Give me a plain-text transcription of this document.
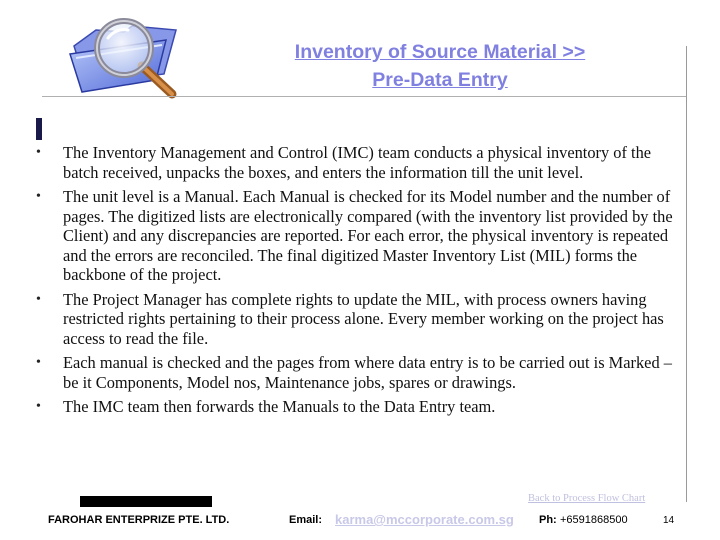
Inventory of Source Material >>
Pre-Data Entry
• The Inventory Management and Control (IMC) team conducts a physical inventory of the batch received, unpacks the boxes, and enters the information till the unit level.
• The unit level is a Manual. Each Manual is checked for its Model number and the number of pages. The digitized lists are electronically compared (with the inventory list provided by the Client) and any discrepancies are reported. For each error, the physical inventory is repeated and the errors are reconciled. The final digitized Master Inventory List (MIL) forms the backbone of the project.
• The Project Manager has complete rights to update the MIL, with process owners having restricted rights pertaining to their process alone. Every member working on the project has access to read the file.
• Each manual is checked and the pages from where data entry is to be carried out is Marked – be it Components, Model nos, Maintenance jobs, spares or drawings.
• The IMC team then forwards the Manuals to the Data Entry team.
Back to Process Flow Chart
FAROHAR ENTERPRIZE PTE. LTD.	Email: karma@mccorporate.com.sg Ph: +6591868500	14
